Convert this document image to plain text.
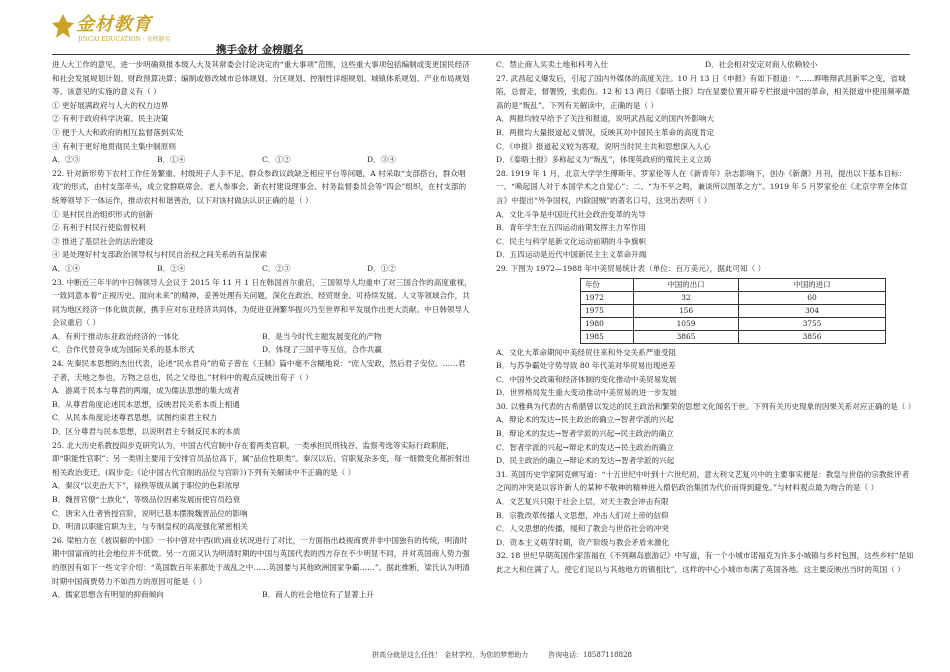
金材教育
JINCAI EDUCATION · 金榜题名
携手金材 金榜题名

进人大工作的意见，进一步明确须报本级人大及其常委会讨论决定的“重大事项”范围，这些重大事项包括编制或变更国民经济和社会发展规划计划、财政预算决算；编制或修改城市总体规划、分区规划、控制性详细规划、城镇体系规划、产业布局规划等。该意见的实施的意义有（ ）

① 更好展满政府与人大的权力边界

② 有利于政府科学决策、民主决策

③ 便于人大和政府的相互监督落到实处

④ 有利于更好地贯彻民主集中制原则

A．②③	B．①④	C．①②	D．③④

22. 针对新形势下农村工作任务繁重、村级班子人手不足、群众参政议政缺乏相应平台等问题，A 村采取“支部搭台，群众唱戏”的形式，由村支部牵头，成立党群联席会、老人参事会、新农村建设理事会、村务监督委员会等“四会”组织，在村支部的统筹领导下一体运作，推动农村和谐善治，以下对该村做法认识正确的是（ ）

① 是村民自治组织形式的创新

② 有利于村民行使监督权利

③ 推进了基层社会的法治建设

④ 是处理好村支部政治领导权与村民自治权之间关系的有益探索

A．①④	B．②④	C．②③	D．①②

23. 中断近三年半的中日韩领导人会议于 2015 年 11 月 1 日在韩国首尔重启，三国领导人均重申了对三国合作的高度重视，一致同意本着“正视历史、面向未来”的精神，妥善处理有关问题，深化在政治、经贸财金、可持续发展、人文等领域合作，共同为地区经济一体化做贡献，携手应对东亚经济共同体，为促进亚洲繁华振兴乃至世界和平发展作出更大贡献。中日韩领导人会议重启（ ）

A．有利于推动东亚政治经济的一体化	B．是当今时代主题发展变化的产物
C．合作代替竞争成为国际关系的基本形式	D．体现了三国平等互信，合作共赢

24. 先秦民本思想的杰出代表，论述“民水君舟”的荀子曾在《王制》篇中毫不含糊地说：“庶人安政，然后君子安位。……君子者，天地之参也，万物之总也，民之父母也。”材料中的观点反映出荀子（ ）

A．游离于民本与尊君的两端，成为儒法思想的集大成者

B．从尊君角度论述民本思想，反映君民关系本质上相通

C．从民本角度论述尊君思想，试图约束君主权力

D．区分尊君与民本思想，以说明君主专制反民本的本质

25. 北大历史系教授阎步克研究认为，中国古代官制中存在着两类官职，一类承担民刑钱谷、监察考选等实际行政职能，即“职能性官职”；另一类则主要用于安排官员品位高下，属“品位性职类”。秦汉以后，官职复杂多变，每一细微变化都折射出相关政治变迁。(阎步克:《论中国古代官制的品位与官阶》)下列有关解读中不正确的是（ ）

A．秦汉“以吏治天下”，禄秩等级从属于职位的色彩浓厚

B．魏晋官僚“士族化”，等级品位因素发展而使官员趋衰

C．唐宋入仕者皆授官阶，说明已基本摆脱魏晋品位的影响

D．明清以职能官职为主，与专制皇权的高度强化紧密相关

26. 梁柏力在《被误解的中国》一书中曾对中西(欧)商业状况进行了对比，一方面指出歧视商贾并非中国独有的传统，明清时期中国富商的社会地位并不低微。另一方面又认为明清时期的中国与英国代表的西方存在不少明显不同，并对英国商人势力强的原因有如下一些文字介绍：“英国数百年来都处于战乱之中……英国要与其他欧洲国家争霸……”。据此推断，梁氏认为明清时期中国商贾势力不如西方的原因可能是（ ）

A．儒家思想含有明显的抑商倾向	B．商人的社会地位有了显著上升
C．禁止商人买卖土地和科考入仕	D．社会相对安定对商人依赖较小

27. 武昌起义爆发后，引起了国内外媒体的高度关注。10 月 13 日《申报》有如下报道：“……晔唯辩武昌新军之变，省城陷，总督走，督署毁，张彪伤。12 和 13 两日《泰晤士报》均在显要位置开辟专栏报道中国的革命，相关报道中使用频率最高的是“叛乱”。下列有关解读中，正确的是（ ）

A．两报均较早给予了关注和报道，说明武昌起义的国内外影响大

B．两报均大量报道起义情况，反映其对中国民主革命的高度肯定

C．《申报》报道起义较为客观，说明当时民主共和思想深入人心

D．《泰晤士报》多称起义为“叛乱”，体现英政府的殖民主义立场

28. 1919 年 1 月，北京大学学生傅斯年、罗家伦等人在《新青年》杂志影响下，创办《新潮》月刊，提出以下基本目标：一、“唤起国人对于本国学术之自觉心”；二、“为不平之鸣，兼谈所以图革之方”。1919 年 5 月罗家伦在《北京学界全体宣言》中提出“外争国权，内除国贼”的著名口号，这突出表明（ ）

A．文化斗争是中国近代社会政治变革的先导

B．青年学生在五四运动前期发挥主力军作用

C．民主与科学是新文化运动前期的斗争旗帜

D．五四运动是近代中国新民主主义革命开端

29. 下图为 1972—1988 年中美贸易统计表（单位：百万美元），据此可知（ ）

年份	中国的出口	中国的进口
1972	32	60
1975	156	304
1980	1059	3755
1985	3865	3856

A．文化大革命期间中美经贸往来和外交关系严重受阻

B．与苏争霸处守势导致 80 年代美对华贸易出现逆差

C．中国外交政策和经济体制的变化推动中美贸易发展

D．世界格局发生重大变动推动中美贸易的进一步发展

30. 以雅典为代表的古希腊曾以发达的民主政治和繁荣的思想文化闻名于世。下列有关历史现象的因果关系对应正确的是（ ）

A．辩论术的发达→民主政治的确立→智者学派的兴起

B．辩论术的发达→智者学派的兴起→民主政治的确立

C．智者学派的兴起→辩论术的发达→民主政治的确立

D．民主政治的确立→辩论术的发达→智者学派的兴起

31. 英国历史学家阿克顿写道：“十五世纪中叶到十六世纪初，意大利文艺复兴中的主要事实便是：教皇与世俗的宗教批评者之间的冲突是以容许新人的某种不敬神的精神进入僧侣政治集团为代价而得到避免。”与材料观点最为吻合的是（ ）

A．文艺复兴只限于社会上层，对天主教会冲击有限

B．宗教改革传播人文思想，冲击人们对上帝的信仰

C．人文思想的传播，缓和了教会与世俗社会的冲突

D．资本主义萌芽时期，资产阶级与教会矛盾未激化

32. 18 世纪早期英国作家笛福在《不列颠岛旅游记》中写道，有一个小城市诺福克为许多小城镇与乡村包围，这些乡村“是如此之大和住满了人，使它们足以与其他地方的镇相比”，这样的中心小城市布满了英国各地。这主要反映出当时的英国（ ）

拼高分就是这么任性！ 金材学校，为您的梦想助力	咨询电话：18587118828
